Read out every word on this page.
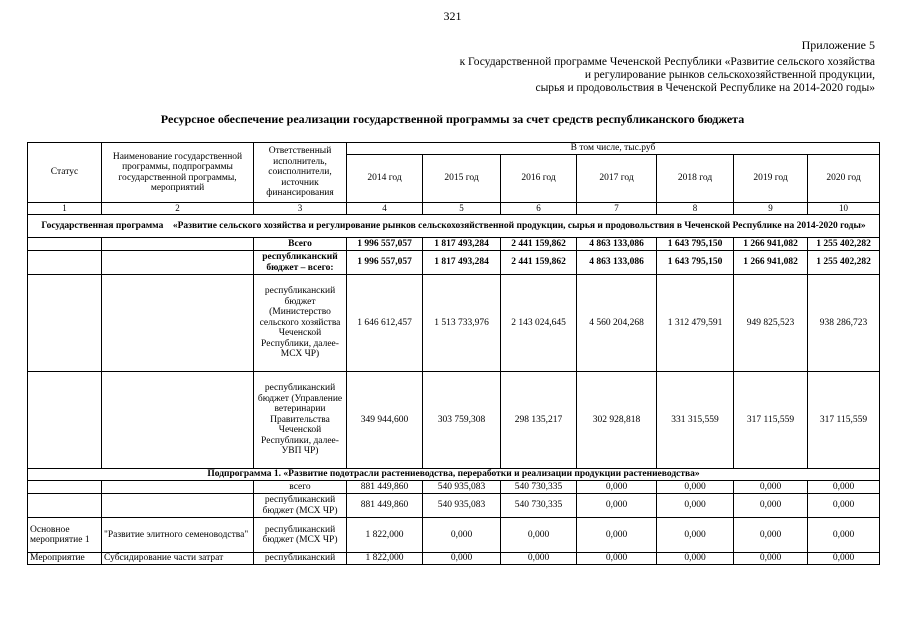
321
Приложение 5
к Государственной программе Чеченской Республики «Развитие сельского хозяйства
и регулирование рынков сельскохозяйственной продукции,
сырья и продовольствия в Чеченской Республике на 2014-2020 годы»
Ресурсное обеспечение реализации государственной программы за счет средств республиканского бюджета
Статус	Наименование государственной программы, подпрограммы государственной программы, мероприятий	Ответственный исполнитель, соисполнители, источник финансирования	В том числе, тыс.руб						
			2014 год	2015 год	2016 год	2017 год	2018 год	2019 год	2020 год
1	2	3	4	5	6	7	8	9	10
Государственная программа «Развитие сельского хозяйства и регулирование рынков сельскохозяйственной продукции, сырья и продовольствия в Чеченской Республике на 2014-2020 годы»									
		Всего	1 996 557,057	1 817 493,284	2 441 159,862	4 863 133,086	1 643 795,150	1 266 941,082	1 255 402,282
		республиканский бюджет – всего:	1 996 557,057	1 817 493,284	2 441 159,862	4 863 133,086	1 643 795,150	1 266 941,082	1 255 402,282
		республиканский бюджет (Министерство сельского хозяйства Чеченской Республики, далее-МСХ ЧР)	1 646 612,457	1 513 733,976	2 143 024,645	4 560 204,268	1 312 479,591	949 825,523	938 286,723
		республиканский бюджет (Управление ветеринарии Правительства Чеченской Республики, далее-УВП ЧР)	349 944,600	303 759,308	298 135,217	302 928,818	331 315,559	317 115,559	317 115,559
Подпрограмма 1. «Развитие подотрасли растениеводства, переработки и реализации продукции растениеводства»									
		всего	881 449,860	540 935,083	540 730,335	0,000	0,000	0,000	0,000
		республиканский бюджет (МСХ ЧР)	881 449,860	540 935,083	540 730,335	0,000	0,000	0,000	0,000
Основное мероприятие 1	"Развитие элитного семеноводства"	республиканский бюджет (МСХ ЧР)	1 822,000	0,000	0,000	0,000	0,000	0,000	0,000
Мероприятие	Субсидирование части затрат	республиканский	1 822,000	0,000	0,000	0,000	0,000	0,000	0,000
